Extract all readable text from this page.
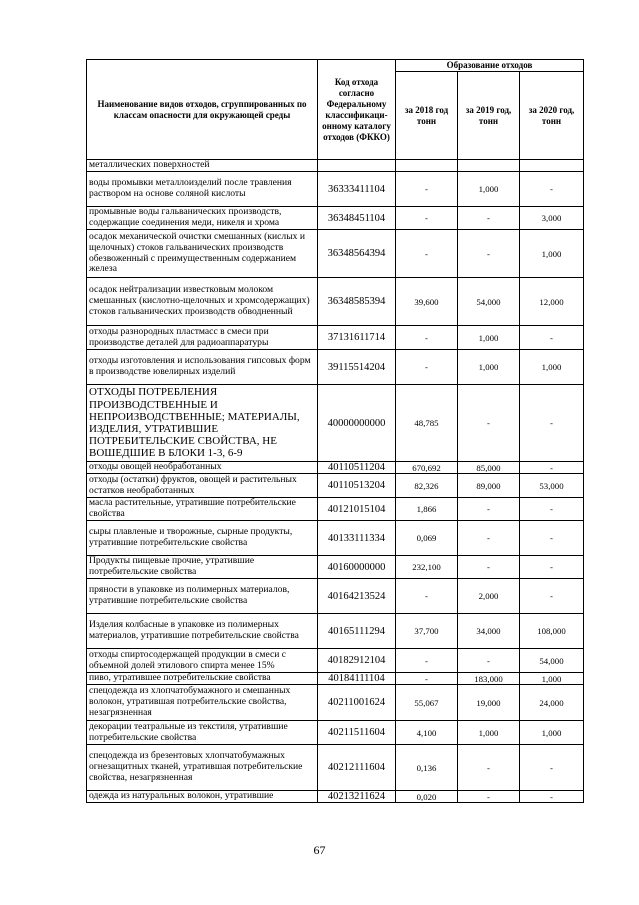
Наименование видов отходов, сгруппированных по классам опасности для окружающей среды	Код отхода согласно Федеральному классификаци-онному каталогу отходов (ФККО)	Образование отходов		
		за 2018 год тонн	за 2019 год, тонн	за 2020 год, тонн
металлических поверхностей				
воды промывки металлоизделий после травления раствором на основе соляной кислоты	36333411104	-	1,000	-
промывные воды гальванических производств, содержащие соединения меди, никеля и хрома	36348451104	-	-	3,000
осадок механической очистки смешанных (кислых и щелочных) стоков гальванических производств обезвоженный с преимущественным содержанием железа	36348564394	-	-	1,000
осадок нейтрализации известковым молоком смешанных (кислотно-щелочных и хромсодержащих) стоков гальванических производств обводненный	36348585394	39,600	54,000	12,000
отходы разнородных пластмасс в смеси при производстве деталей для радиоаппаратуры	37131611714	-	1,000	-
отходы изготовления и использования гипсовых форм в производстве ювелирных изделий	39115514204	-	1,000	1,000
ОТХОДЫ ПОТРЕБЛЕНИЯ ПРОИЗВОДСТВЕННЫЕ И НЕПРОИЗВОДСТВЕННЫЕ; МАТЕРИАЛЫ, ИЗДЕЛИЯ, УТРАТИВШИЕ ПОТРЕБИТЕЛЬСКИЕ СВОЙСТВА, НЕ ВОШЕДШИЕ В БЛОКИ 1-3, 6-9	40000000000	48,785	-	-
отходы овощей необработанных	40110511204	670,692	85,000	-
отходы (остатки) фруктов, овощей и растительных остатков необработанных	40110513204	82,326	89,000	53,000
масла растительные, утратившие потребительские свойства	40121015104	1,866	-	-
сыры плавленые и творожные, сырные продукты, утратившие потребительские свойства	40133111334	0,069	-	-
Продукты пищевые прочие, утратившие потребительские свойства	40160000000	232,100	-	-
пряности в упаковке из полимерных материалов, утратившие потребительские свойства	40164213524	-	2,000	-
Изделия колбасные в упаковке из полимерных материалов, утратившие потребительские свойства	40165111294	37,700	34,000	108,000
отходы спиртосодержащей продукции в смеси с объемной долей этилового спирта менее 15%	40182912104	-	-	54,000
пиво, утратившее потребительские свойства	40184111104	-	183,000	1,000
спецодежда из хлопчатобумажного и смешанных волокон, утратившая потребительские свойства, незагрязненная	40211001624	55,067	19,000	24,000
декорации театральные из текстиля, утратившие потребительские свойства	40211511604	4,100	1,000	1,000
спецодежда из брезентовых хлопчатобумажных огнезащитных тканей, утратившая потребительские свойства, незагрязненная	40212111604	0,136	-	-
одежда из натуральных волокон, утратившие	40213211624	0,020	-	-
67
